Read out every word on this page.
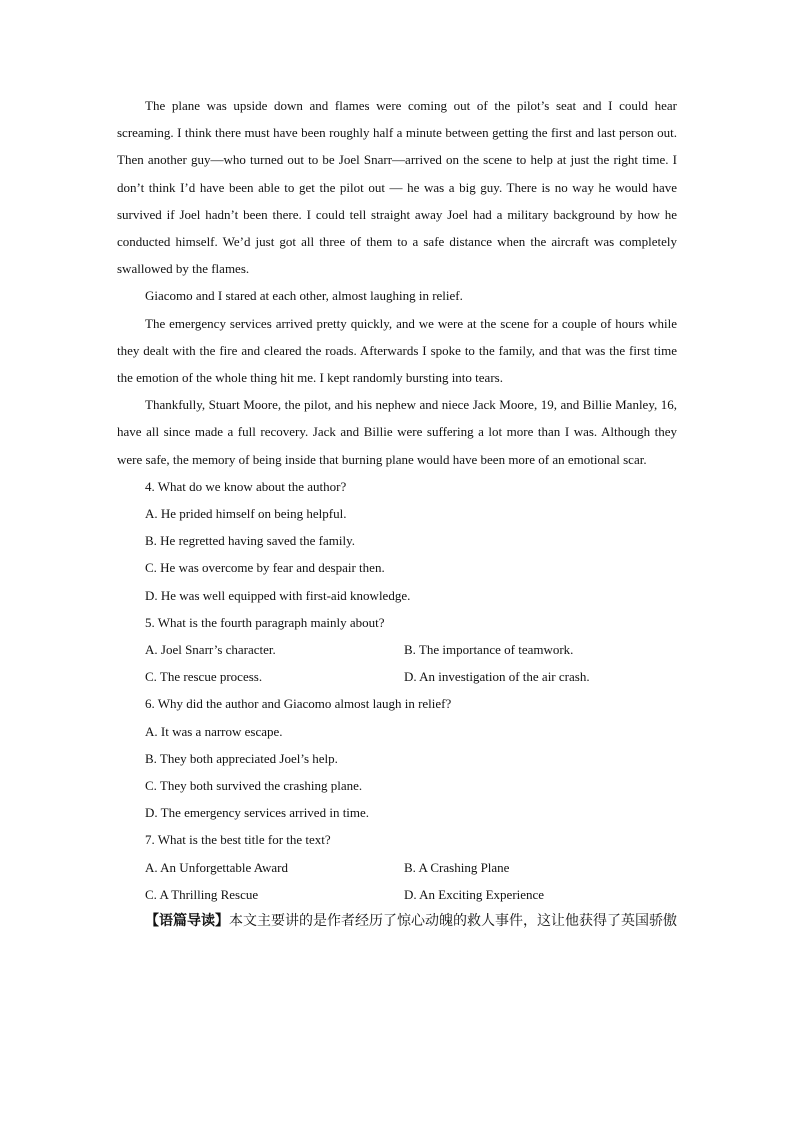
The plane was upside down and flames were coming out of the pilot’s seat and I could hear screaming. I think there must have been roughly half a minute between getting the first and last person out. Then another guy—who turned out to be Joel Snarr—arrived on the scene to help at just the right time. I don’t think I’d have been able to get the pilot out — he was a big guy. There is no way he would have survived if Joel hadn’t been there. I could tell straight away Joel had a military background by how he conducted himself. We’d just got all three of them to a safe distance when the aircraft was completely swallowed by the flames.

Giacomo and I stared at each other, almost laughing in relief.

The emergency services arrived pretty quickly, and we were at the scene for a couple of hours while they dealt with the fire and cleared the roads. Afterwards I spoke to the family, and that was the first time the emotion of the whole thing hit me. I kept randomly bursting into tears.

Thankfully, Stuart Moore, the pilot, and his nephew and niece Jack Moore, 19, and Billie Manley, 16, have all since made a full recovery. Jack and Billie were suffering a lot more than I was. Although they were safe, the memory of being inside that burning plane would have been more of an emotional scar.

4. What do we know about the author?

A. He prided himself on being helpful.

B. He regretted having saved the family.

C. He was overcome by fear and despair then.

D. He was well equipped with first-aid knowledge.

5. What is the fourth paragraph mainly about?

A. Joel Snarr’s character.	B. The importance of teamwork.
C. The rescue process.	D. An investigation of the air crash.

6. Why did the author and Giacomo almost laugh in relief?

A. It was a narrow escape.

B. They both appreciated Joel’s help.

C. They both survived the crashing plane.

D. The emergency services arrived in time.

7. What is the best title for the text?

A. An Unforgettable Award	B. A Crashing Plane
C. A Thrilling Rescue	D. An Exciting Experience

【语篇导读】本文主要讲的是作者经历了惊心动魄的救人事件，这让他获得了英国骄傲
